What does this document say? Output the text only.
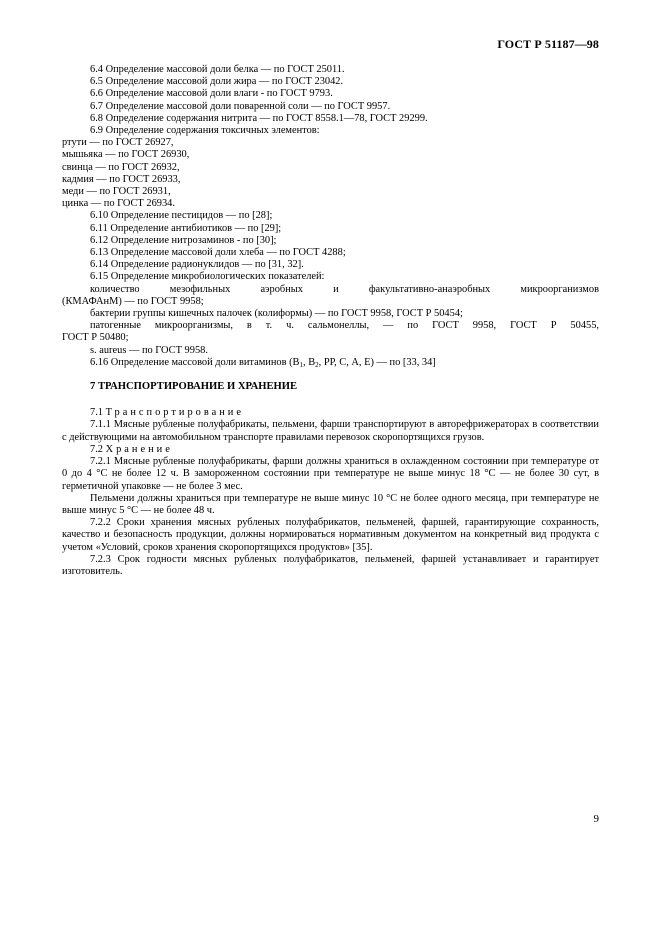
ГОСТ Р 51187—98

6.4 Определение массовой доли белка — по ГОСТ 25011.

6.5 Определение массовой доли жира — по ГОСТ 23042.

6.6 Определение массовой доли влаги - по ГОСТ 9793.

6.7 Определение массовой доли поваренной соли — по ГОСТ 9957.

6.8 Определение содержания нитрита — по ГОСТ 8558.1—78, ГОСТ 29299.

6.9 Определение содержания токсичных элементов:

ртути — по ГОСТ 26927,

мышьяка — по ГОСТ 26930,

свинца — по ГОСТ 26932,

кадмия — по ГОСТ 26933,

меди — по ГОСТ 26931,

цинка — по ГОСТ 26934.

6.10 Определение пестицидов — по [28];

6.11 Определение антибиотиков — по [29];

6.12 Определение нитрозаминов - по [30];

6.13 Определение массовой доли хлеба — по ГОСТ 4288;

6.14 Определение радионуклидов — по [31, 32].

6.15 Определение микробиологических показателей:

количество мезофильных аэробных и факультативно-анаэробных микроорганизмов

(КМАФАнМ) — по ГОСТ 9958;

бактерии группы кишечных палочек (колиформы) — по ГОСТ 9958, ГОСТ Р 50454;

патогенные микроорганизмы, в т. ч. сальмонеллы, — по ГОСТ 9958, ГОСТ Р 50455,

ГОСТ Р 50480;

s. aureus — по ГОСТ 9958.

6.16 Определение массовой доли витаминов ($В_1$, $В_2$, РР, С, А, Е) — по [33, 34]

7 ТРАНСПОРТИРОВАНИЕ И ХРАНЕНИЕ

7.1 Транспортирование

7.1.1 Мясные рубленые полуфабрикаты, пельмени, фарши транспортируют в авторефрижераторах в соответствии с действующими на автомобильном транспорте правилами перевозок скоропортящихся грузов.

7.2 Хранение

7.2.1 Мясные рубленые полуфабрикаты, фарши должны храниться в охлажденном состоянии при температуре от 0 до 4 °С не более 12 ч. В замороженном состоянии при температуре не выше минус 18 °С — не более 30 сут, в герметичной упаковке — не более 3 мес.

Пельмени должны храниться при температуре не выше минус 10 °С не более одного месяца, при температуре не выше минус 5 °С — не более 48 ч.

7.2.2 Сроки хранения мясных рубленых полуфабрикатов, пельменей, фаршей, гарантирующие сохранность, качество и безопасность продукции, должны нормироваться нормативным документом на конкретный вид продукта с учетом «Условий, сроков хранения скоропортящихся продуктов» [35].

7.2.3 Срок годности мясных рубленых полуфабрикатов, пельменей, фаршей устанавливает и гарантирует изготовитель.

9
